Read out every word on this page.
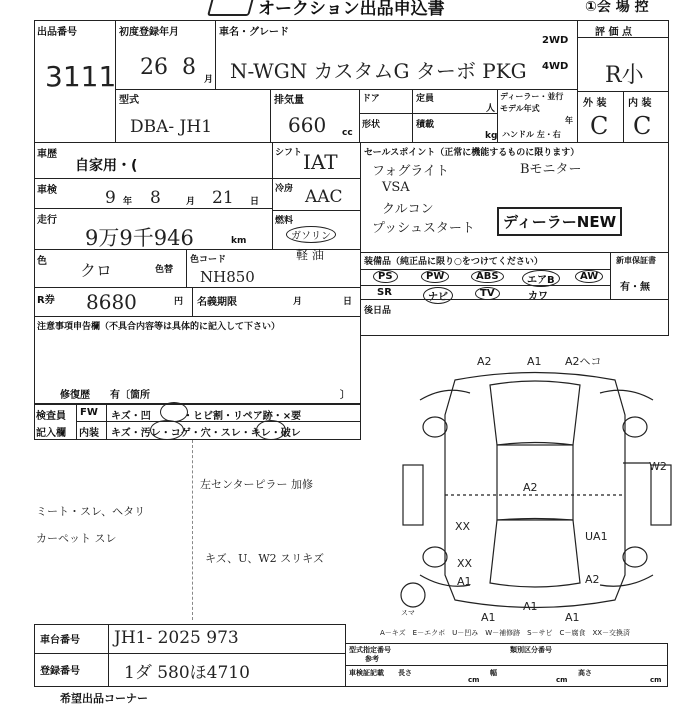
オークション出品申込書	①会 場 控
出品番号
3111
初度登録年月
26 8 月
車名・グレード
N-WGN カスタムG ターボ PKG
2WD
4WD
評 価 点
R小
外 装 内 装
C C
型式
DBA- JH1
排気量
660 cc
ドア	定員
人
形状	積載
kg
ディーラー・並行
モデル年式
年
ハンドル 左・右
車歴
自家用・(
車検	9 年 8	月 21 日
走行
9万9千946	km
色 クロ	色替
色コード
NH850
シフト IAT
冷房 AAC
燃料
ガソリン
軽 油
R券 8680	円 名義期限	月	日
セールスポイント（正常に機能するものに限ります）
フォグライト	Bモニター
VSA
クルコン
プッシュスタート	ディーラーNEW
装備品（純正品に限り○をつけてください）	新車保証書
有・無
PS	PW	ABS	エアB	AW
SR	ナビ	TV	カワ
注意事項申告欄（不具合内容等は具体的に記入して下さい）
修復歴 有〔箇所	〕
後日品
検査員
記入欄
FW キズ・凹	・ヒビ割・リペア跡・×要
内装 キズ・汚レ・コゲ・穴・スレ・キレ・破レ
ミート・スレ、ヘタリ
カーペット スレ
左センターピラー 加修
キズ、U、W2 スリキズ
A2	A1 A2ヘコ
W2
A2
UA1
XX
XX
A1
A1
A2
A1	A1
スマ
A－キズ　E－エクボ　U－凹み　W－補修跡　S－サビ　C－腐食　XX－交換済
車台番号 JH1- 2025 973
登録番号	1ダ 580ほ4710
型式指定番号
参考
類別区分番号
車検証記載 長さ	幅	高さ
cm	cm	cm
希望出品コーナー
